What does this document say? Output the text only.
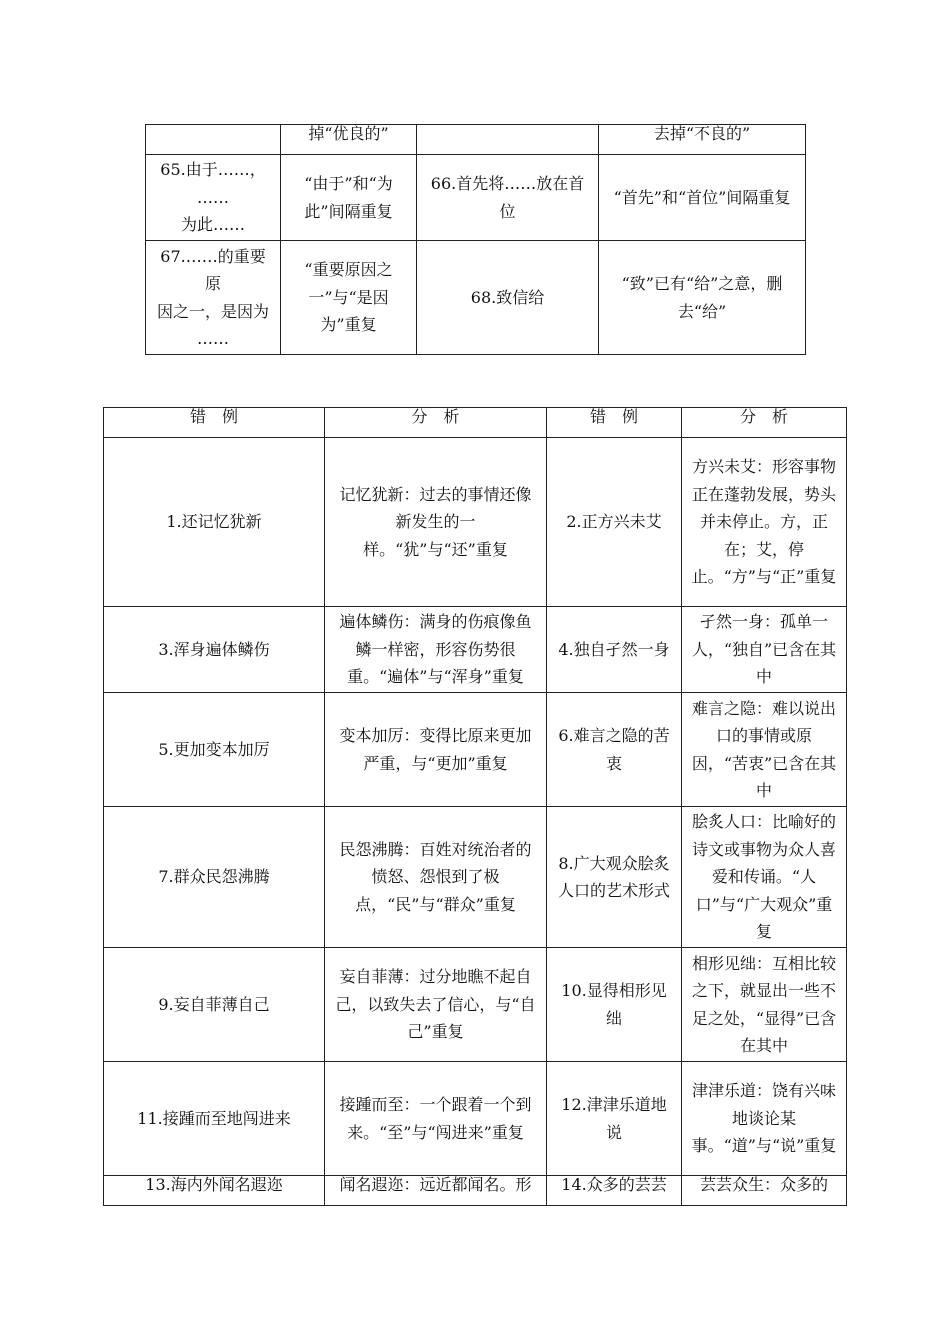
	掉“优良的”		去掉“不良的”
65.由于……，
……
为此……	“由于”和“为此”间隔重复	66.首先将……放在首位	“首先”和“首位”间隔重复
67.……的重要原
因之一，是因为
……	“重要原因之一”与“是因为”重复	68.致信给	“致”已有“给”之意，删去“给”
错　例	分　析	错　例	分　析
1.还记忆犹新	记忆犹新：过去的事情还像新发生的一样。“犹”与“还”重复	2.正方兴未艾	方兴未艾：形容事物正在蓬勃发展，势头并未停止。方，正在；艾，停止。“方”与“正”重复
3.浑身遍体鳞伤	遍体鳞伤：满身的伤痕像鱼鳞一样密，形容伤势很重。“遍体”与“浑身”重复	4.独自孑然一身	孑然一身：孤单一人，“独自”已含在其中
5.更加变本加厉	变本加厉：变得比原来更加严重，与“更加”重复	6.难言之隐的苦衷	难言之隐：难以说出口的事情或原因，“苦衷”已含在其中
7.群众民怨沸腾	民怨沸腾：百姓对统治者的愤怒、怨恨到了极点，“民”与“群众”重复	8.广大观众脍炙人口的艺术形式	脍炙人口：比喻好的诗文或事物为众人喜爱和传诵。“人口”与“广大观众”重复
9.妄自菲薄自己	妄自菲薄：过分地瞧不起自己，以致失去了信心，与“自己”重复	10.显得相形见绌	相形见绌：互相比较之下，就显出一些不足之处，“显得”已含在其中
11.接踵而至地闯进来	接踵而至：一个跟着一个到来。“至”与“闯进来”重复	12.津津乐道地说	津津乐道：饶有兴味地谈论某事。“道”与“说”重复
13.海内外闻名遐迩	闻名遐迩：远近都闻名。形	14.众多的芸芸	芸芸众生：众多的
